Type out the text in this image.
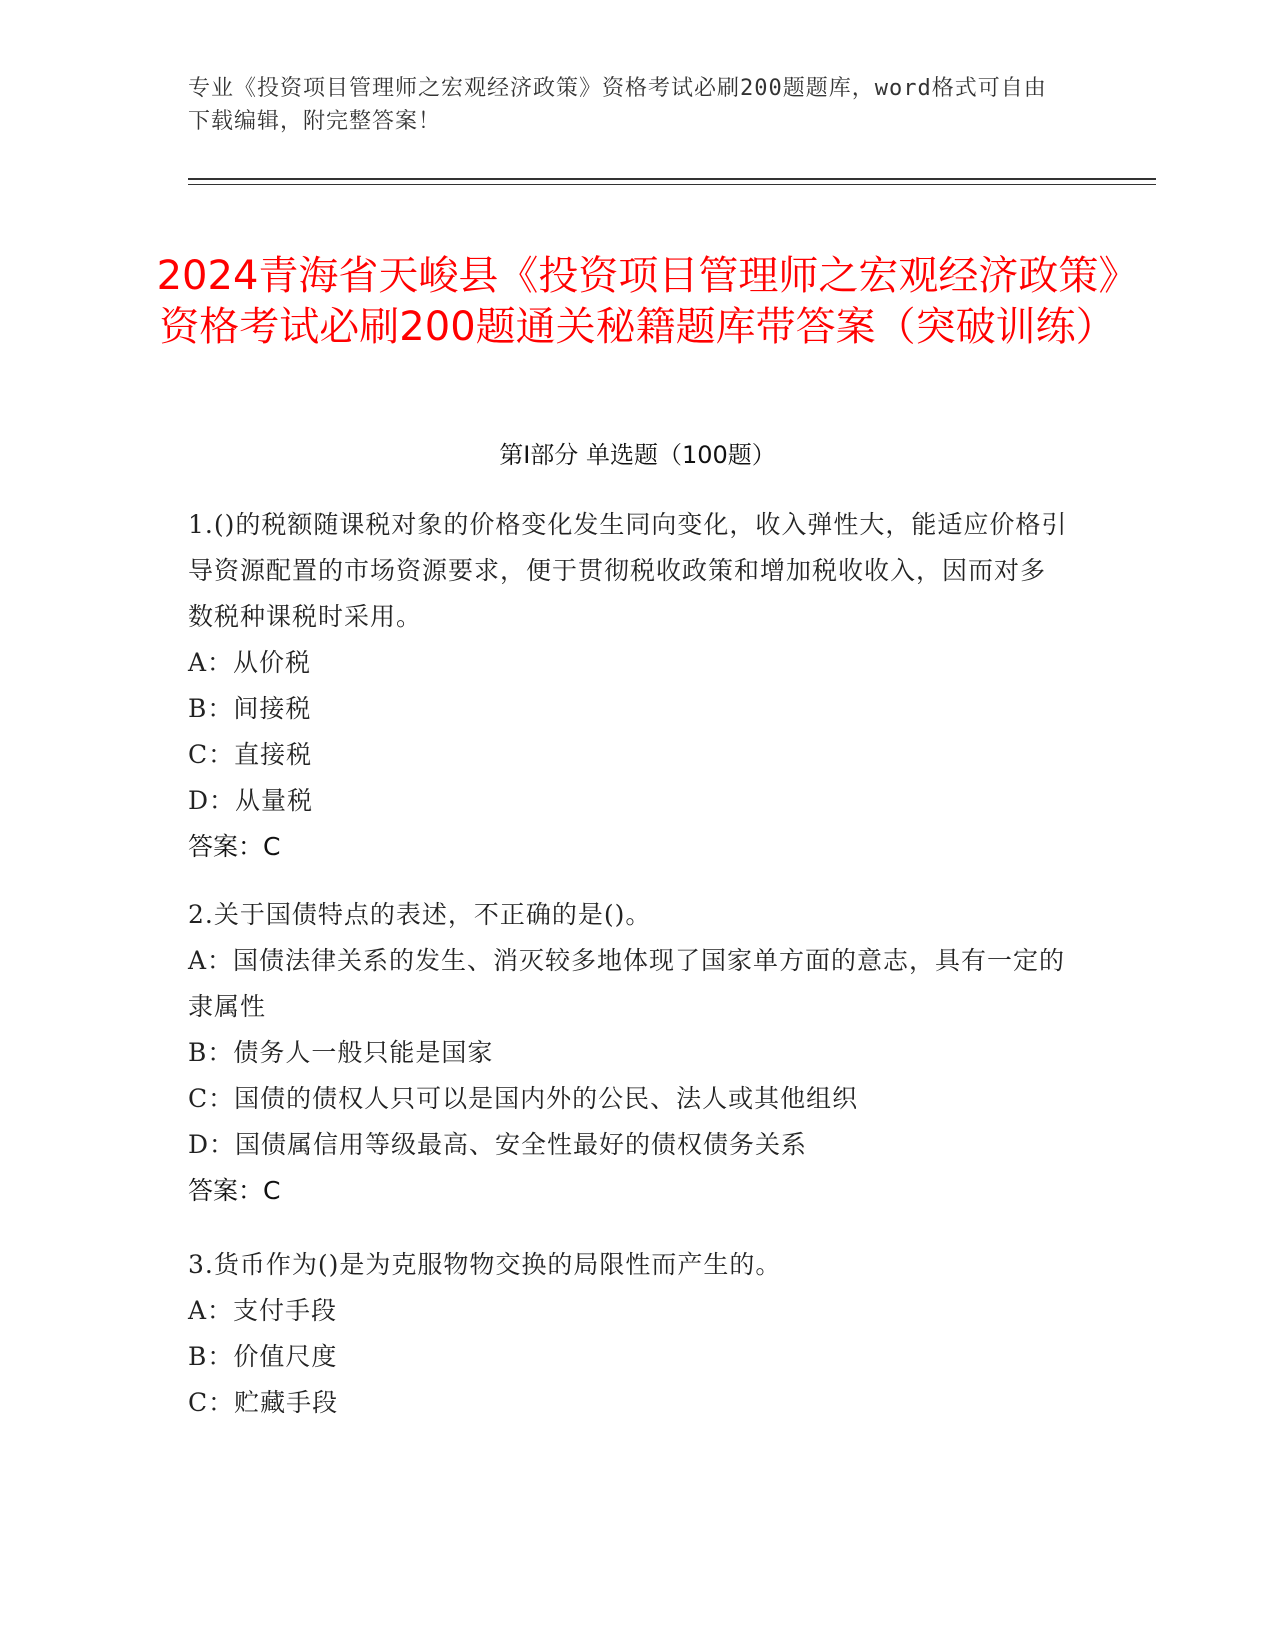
专业《投资项目管理师之宏观经济政策》资格考试必刷200题题库，word格式可自由下载编辑，附完整答案！
2024青海省天峻县《投资项目管理师之宏观经济政策》资格考试必刷200题通关秘籍题库带答案（突破训练）
第I部分 单选题（100题）

1.()的税额随课税对象的价格变化发生同向变化，收入弹性大，能适应价格引导资源配置的市场资源要求，便于贯彻税收政策和增加税收收入，因而对多数税种课税时采用。

A：从价税

B：间接税

C：直接税

D：从量税

答案：C

2.关于国债特点的表述，不正确的是()。

A：国债法律关系的发生、消灭较多地体现了国家单方面的意志，具有一定的隶属性

B：债务人一般只能是国家

C：国债的债权人只可以是国内外的公民、法人或其他组织

D：国债属信用等级最高、安全性最好的债权债务关系

答案：C

3.货币作为()是为克服物物交换的局限性而产生的。

A：支付手段

B：价值尺度

C：贮藏手段
